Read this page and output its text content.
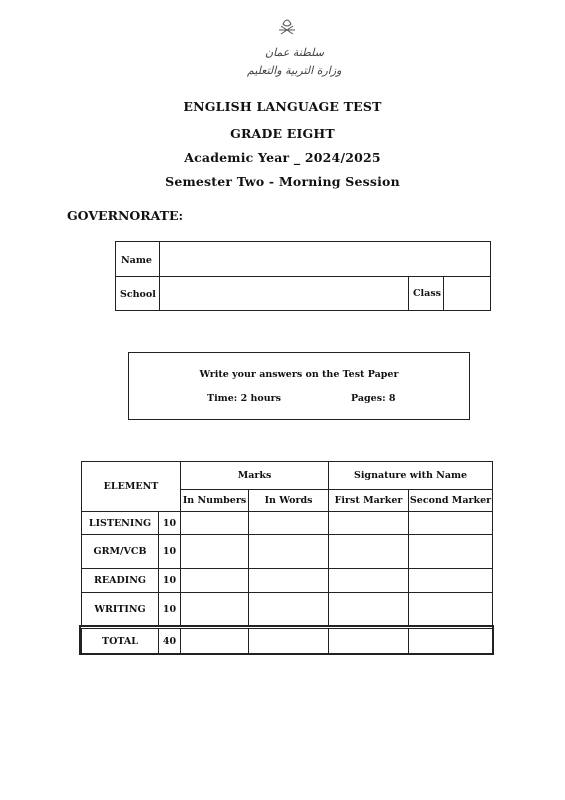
سلطنة عمان
وزارة التربية والتعليم
ENGLISH LANGUAGE TEST
GRADE EIGHT
Academic Year _ 2024/2025
Semester Two - Morning Session
GOVERNORATE:
Name
School	Class
Write your answers on the Test Paper
Time: 2 hours	Pages: 8
ELEMENT		Marks		Signature with Name	
		In Numbers	In Words	First Marker	Second Marker
LISTENING	10				
GRM/VCB	10				
READING	10				
WRITING	10				
TOTAL	40				
